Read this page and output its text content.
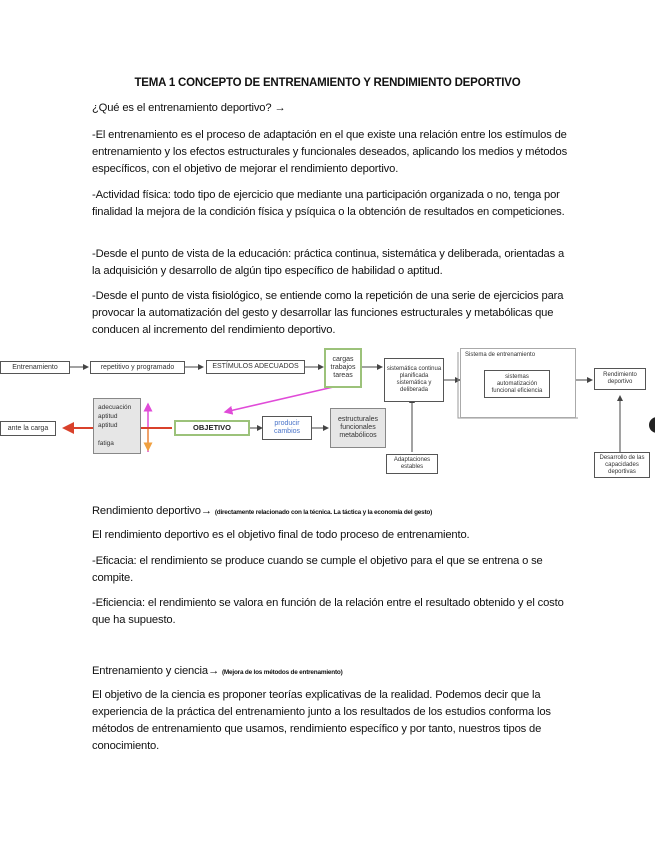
TEMA 1 CONCEPTO DE ENTRENAMIENTO Y RENDIMIENTO DEPORTIVO
¿Qué es el entrenamiento deportivo? →
-El entrenamiento es el proceso de adaptación en el que existe una relación entre los estímulos de entrenamiento y los efectos estructurales y funcionales deseados, aplicando los medios y métodos específicos, con el objetivo de mejorar el rendimiento deportivo.
-Actividad física: todo tipo de ejercicio que mediante una participación organizada o no, tenga por finalidad la mejora de la condición física y psíquica o la obtención de resultados en competiciones.
-Desde el punto de vista de la educación: práctica continua, sistemática y deliberada, orientadas a la adquisición y desarrollo de algún tipo específico de habilidad o aptitud.
-Desde el punto de vista fisiológico, se entiende como la repetición de una serie de ejercicios para provocar la automatización del gesto y desarrollar las funciones estructurales y metabólicas que conducen al incremento del rendimiento deportivo.
Entrenamiento	repetitivo y programado	ESTÍMULOS ADECUADOS
cargas trabajos tareas
sistemática continua planificada sistemática y deliberada
Sistema de entrenamiento
sistemas automatización funcional eficiencia
Rendimiento deportivo
adecuación aptitud aptitud

fatiga
OBJETIVO	producir cambios
estructurales funcionales metabólicos
ante la carga
Adaptaciones estables
Desarrollo de las capacidades deportivas
Rendimiento deportivo→ (directamente relacionado con la técnica. La táctica y la economía del gesto)
El rendimiento deportivo es el objetivo final de todo proceso de entrenamiento.
-Eficacia: el rendimiento se produce cuando se cumple el objetivo para el que se entrena o se compite.
-Eficiencia: el rendimiento se valora en función de la relación entre el resultado obtenido y el costo que ha supuesto.
Entrenamiento y ciencia→ (Mejora de los métodos de entrenamiento)
El objetivo de la ciencia es proponer teorías explicativas de la realidad. Podemos decir que la experiencia de la práctica del entrenamiento junto a los resultados de los estudios conforma los métodos de entrenamiento que usamos, rendimiento específico y por tanto, nuestros tipos de conocimiento.
